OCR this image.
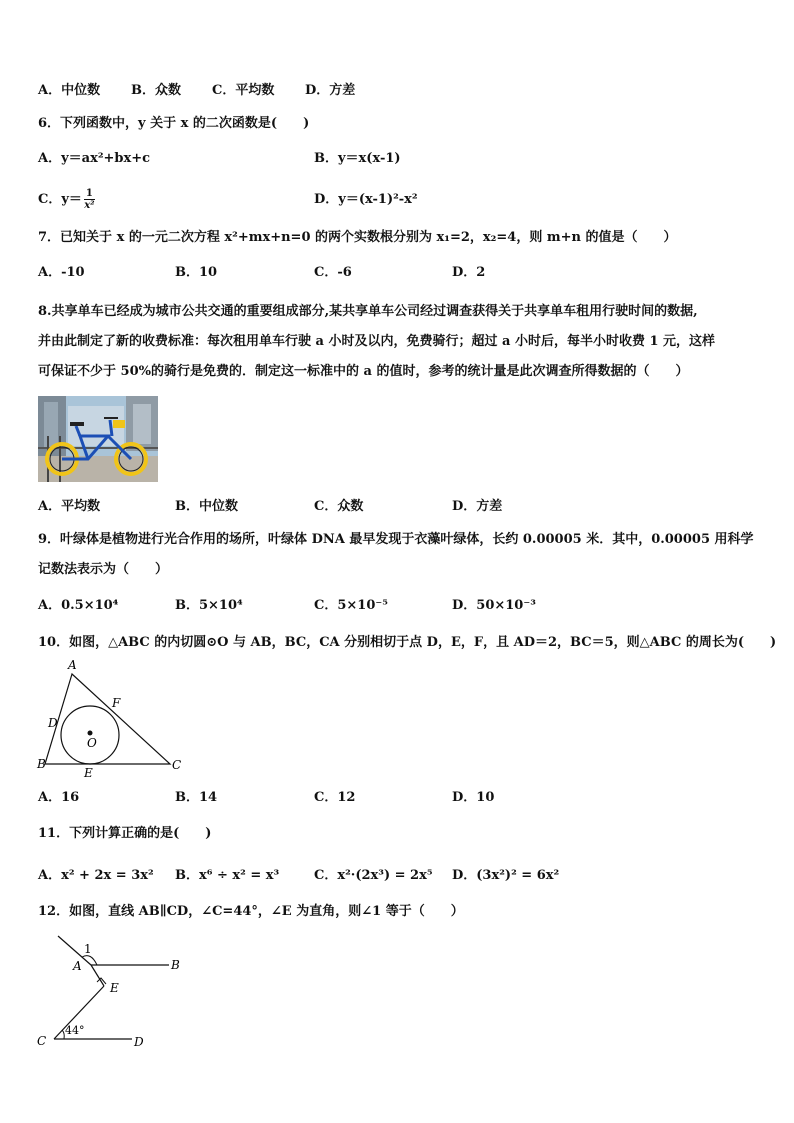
A．中位数 B．众数 C．平均数 D．方差
6．下列函数中，y 关于 x 的二次函数是(　　)
A．y＝ax²+bx+c	B．y＝x(x-1)
C．$y= \frac{1}{\text{x²}}$	D．y＝(x-1)²-x²
7．已知关于 x 的一元二次方程 x²+mx+n=0 的两个实数根分别为 x₁=2，x₂=4，则 m+n 的值是（　　）
A．-10	B．10	C．-6	D．2
8.共享单车已经成为城市公共交通的重要组成部分,某共享单车公司经过调查获得关于共享单车租用行驶时间的数据,
并由此制定了新的收费标准：每次租用单车行驶 a 小时及以内，免费骑行；超过 a 小时后，每半小时收费 1 元，这样
可保证不少于 50%的骑行是免费的．制定这一标准中的 a 的值时，参考的统计量是此次调查所得数据的（　　）
A．平均数	B．中位数	C．众数	D．方差
9．叶绿体是植物进行光合作用的场所，叶绿体 DNA 最早发现于衣藻叶绿体，长约 0.00005 米．其中，0.00005 用科学
记数法表示为（　　）
A．0.5×10⁴	B．5×10⁴	C．5×10⁻⁵	D．50×10⁻³
10．如图，△ABC 的内切圆⊙O 与 AB，BC，CA 分别相切于点 D，E，F，且 AD＝2，BC＝5，则△ABC 的周长为(　　)
A
D
F
O
B
E
C
A．16	B．14	C．12	D．10
11．下列计算正确的是(　　)
A．x² + 2x = 3x² B．x⁶ ÷ x² = x³	C．x²·(2x³) = 2x⁵ D．(3x²)² = 6x²
12．如图，直线 AB∥CD，∠C=44°，∠E 为直角，则∠1 等于（　　）
1
A	B
E
C	D
44°
